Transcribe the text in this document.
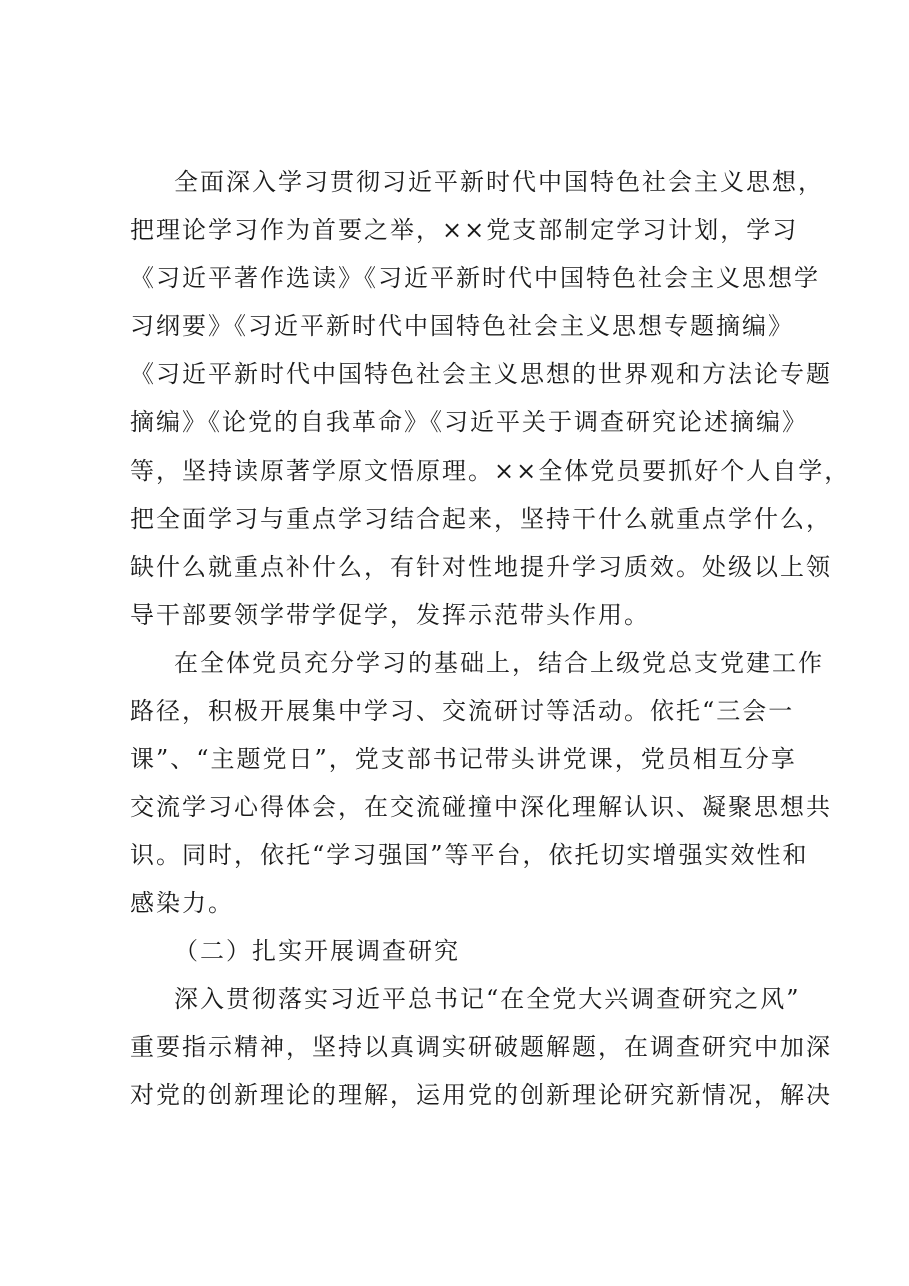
全面深入学习贯彻习近平新时代中国特色社会主义思想，
把理论学习作为首要之举，××党支部制定学习计划，学习
《习近平著作选读》《习近平新时代中国特色社会主义思想学
习纲要》《习近平新时代中国特色社会主义思想专题摘编》
《习近平新时代中国特色社会主义思想的世界观和方法论专题
摘编》《论党的自我革命》《习近平关于调查研究论述摘编》
等，坚持读原著学原文悟原理。××全体党员要抓好个人自学，
把全面学习与重点学习结合起来，坚持干什么就重点学什么，
缺什么就重点补什么，有针对性地提升学习质效。处级以上领
导干部要领学带学促学，发挥示范带头作用。
在全体党员充分学习的基础上，结合上级党总支党建工作
路径，积极开展集中学习、交流研讨等活动。依托“三会一
课”、“主题党日”，党支部书记带头讲党课，党员相互分享
交流学习心得体会，在交流碰撞中深化理解认识、凝聚思想共
识。同时，依托“学习强国”等平台，依托切实增强实效性和
感染力。
（二）扎实开展调查研究
深入贯彻落实习近平总书记“在全党大兴调查研究之风”
重要指示精神，坚持以真调实研破题解题，在调查研究中加深
对党的创新理论的理解，运用党的创新理论研究新情况，解决
